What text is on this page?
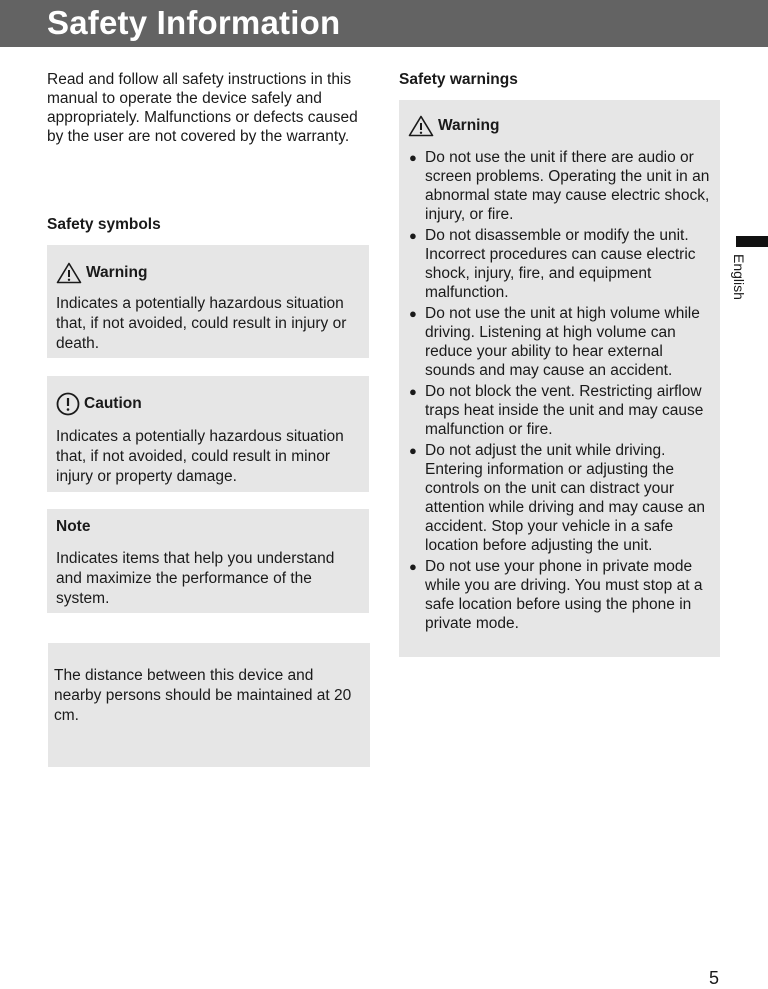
Safety Information
Read and follow all safety instructions in this manual to operate the device safely and appropriately. Malfunctions or defects caused by the user are not covered by the warranty.
Safety symbols
Warning
Indicates a potentially hazardous situation that, if not avoided, could result in injury or death.
Caution
Indicates a potentially hazardous situation that, if not avoided, could result in minor injury or property damage.
Note
Indicates items that help you understand and maximize the performance of the system.
The distance between this device and nearby persons should be maintained at 20 cm.
Safety warnings
Warning
● Do not use the unit if there are audio or screen problems. Operating the unit in an abnormal state may cause electric shock, injury, or fire.
● Do not disassemble or modify the unit. Incorrect procedures can cause electric shock, injury, fire, and equipment malfunction.
● Do not use the unit at high volume while driving. Listening at high volume can reduce your ability to hear external sounds and may cause an accident.
● Do not block the vent. Restricting airflow traps heat inside the unit and may cause malfunction or fire.
● Do not adjust the unit while driving. Entering information or adjusting the controls on the unit can distract your attention while driving and may cause an accident. Stop your vehicle in a safe location before adjusting the unit.
● Do not use your phone in private mode while you are driving. You must stop at a safe location before using the phone in private mode.
English
5
